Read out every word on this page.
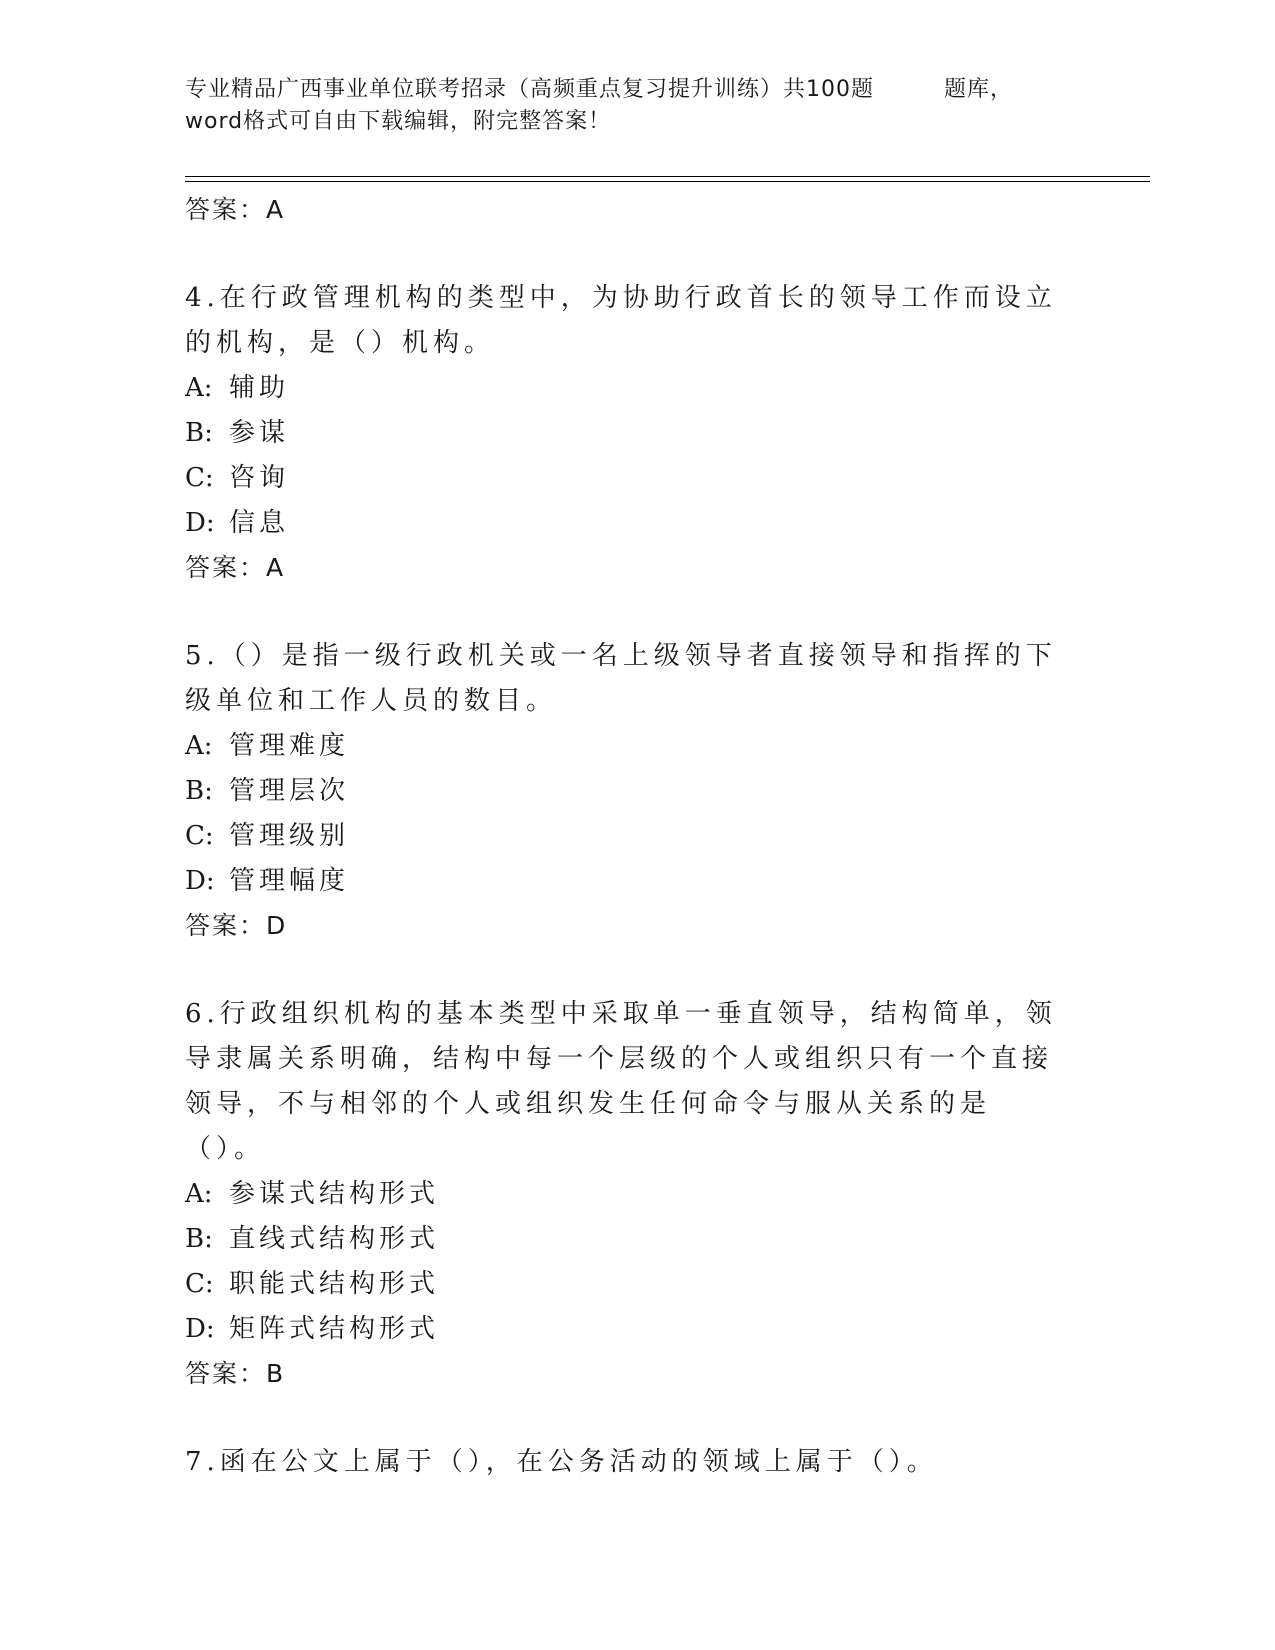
专业精品广西事业单位联考招录（高频重点复习提升训练）共100题	题库，
word格式可自由下载编辑，附完整答案！
答案：A

4.在行政管理机构的类型中，为协助行政首长的领导工作而设立的机构，是（）机构。

A: 辅助
B: 参谋
C: 咨询
D: 信息
答案：A

5.（）是指一级行政机关或一名上级领导者直接领导和指挥的下级单位和工作人员的数目。

A: 管理难度
B: 管理层次
C: 管理级别
D: 管理幅度
答案：D

6.行政组织机构的基本类型中采取单一垂直领导，结构简单，领导隶属关系明确，结构中每一个层级的个人或组织只有一个直接领导，不与相邻的个人或组织发生任何命令与服从关系的是（）。

A: 参谋式结构形式
B: 直线式结构形式
C: 职能式结构形式
D: 矩阵式结构形式
答案：B

7.函在公文上属于（），在公务活动的领域上属于（）。
